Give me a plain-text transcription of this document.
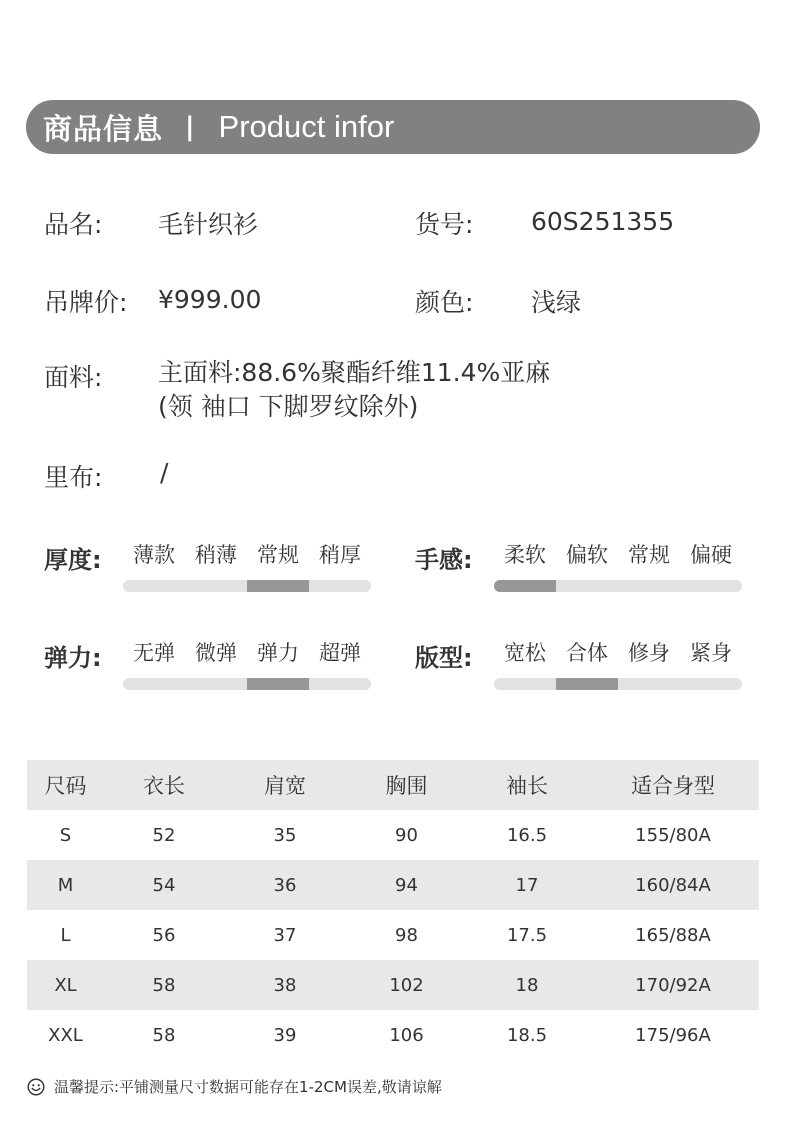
商品信息 | Product infor
品名: 毛针织衫	货号: 60S251355
吊牌价: ¥999.00	颜色: 浅绿
面料: 主面料:88.6%聚酯纤维11.4%亚麻
(领 袖口 下脚罗纹除外)
里布: /
厚度:	薄款 稍薄 常规 稍厚	手感:	柔软 偏软 常规 偏硬
弹力:	无弹 微弹 弹力 超弹	版型:	宽松 合体 修身 紧身
尺码	衣长	肩宽	胸围	袖长	适合身型
S	52	35	90	16.5	155/80A
M	54	36	94	17	160/84A
L	56	37	98	17.5	165/88A
XL	58	38	102	18	170/92A
XXL	58	39	106	18.5	175/96A
温馨提示:平铺测量尺寸数据可能存在1-2CM误差,敬请谅解
